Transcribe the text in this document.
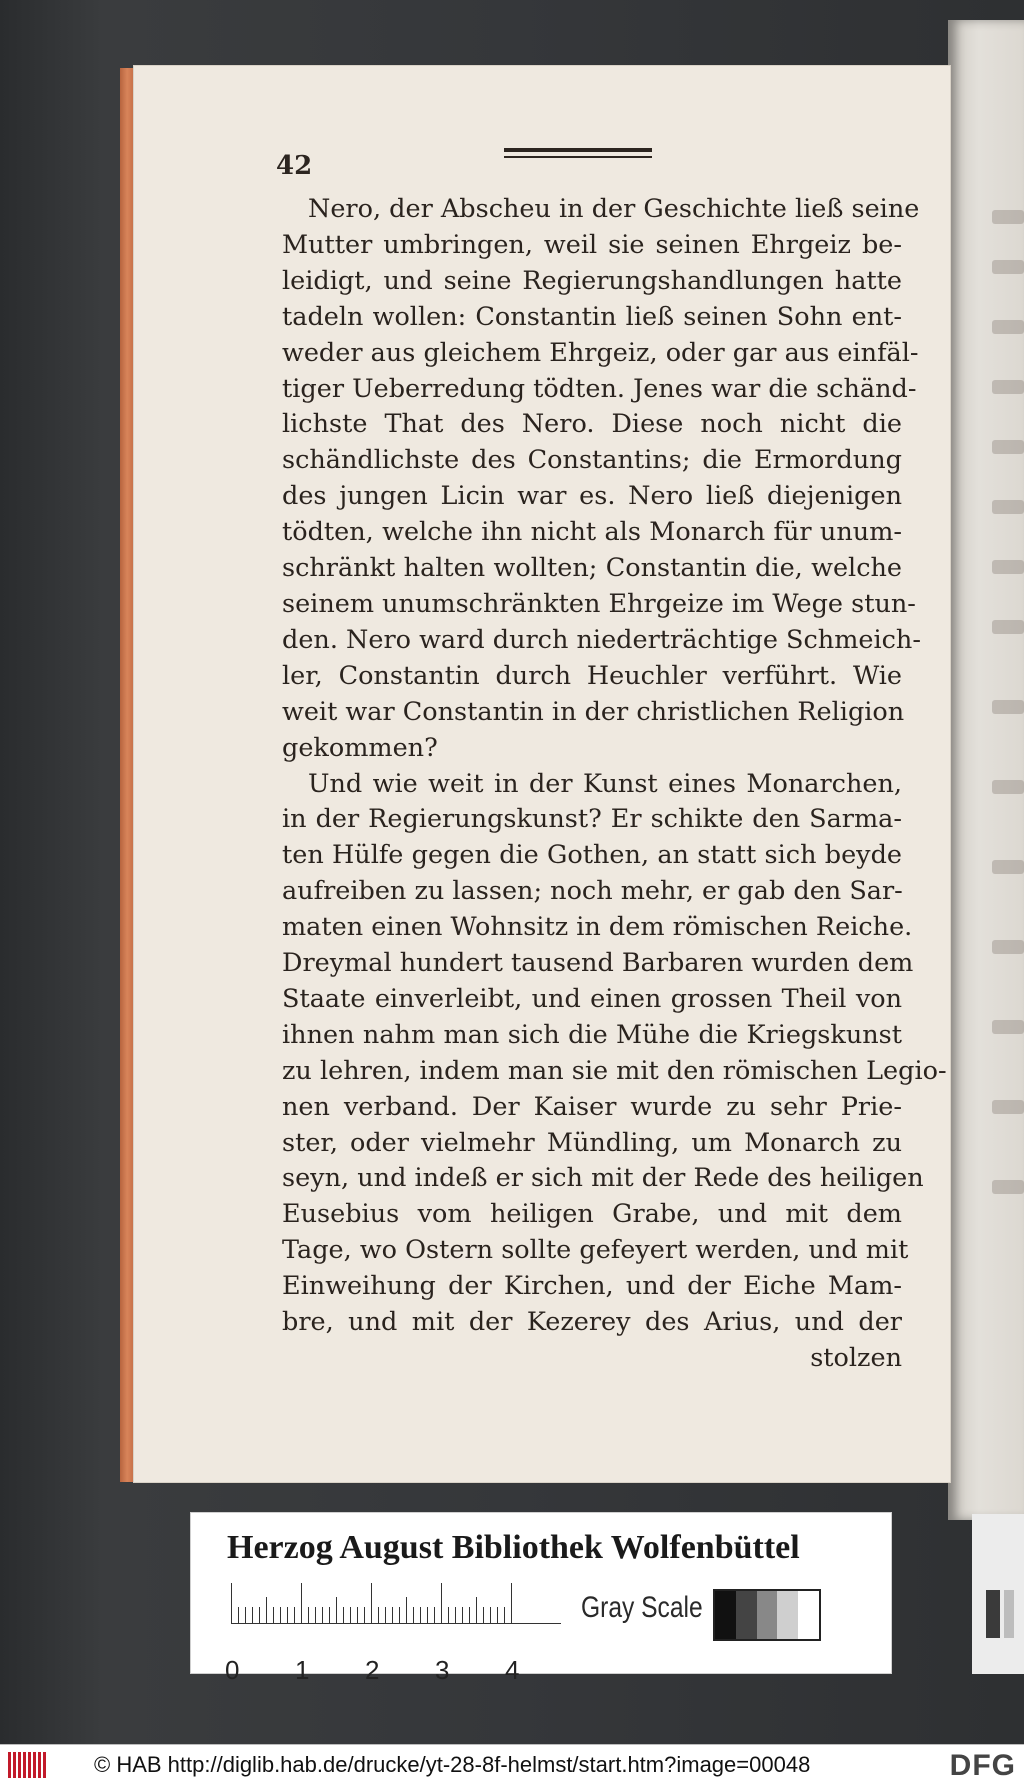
42
Nero, der Abscheu in der Geschichte ließ seine
Mutter umbringen, weil sie seinen Ehrgeiz be-
leidigt, und seine Regierungshandlungen hatte
tadeln wollen: Constantin ließ seinen Sohn ent-
weder aus gleichem Ehrgeiz, oder gar aus einfäl-
tiger Ueberredung tödten. Jenes war die schänd-
lichste That des Nero. Diese noch nicht die
schändlichste des Constantins; die Ermordung
des jungen Licin war es. Nero ließ diejenigen
tödten, welche ihn nicht als Monarch für unum-
schränkt halten wollten; Constantin die, welche
seinem unumschränkten Ehrgeize im Wege stun-
den. Nero ward durch niederträchtige Schmeich-
ler, Constantin durch Heuchler verführt. Wie
weit war Constantin in der christlichen Religion
gekommen?
Und wie weit in der Kunst eines Monarchen,
in der Regierungskunst? Er schikte den Sarma-
ten Hülfe gegen die Gothen, an statt sich beyde
aufreiben zu lassen; noch mehr, er gab den Sar-
maten einen Wohnsitz in dem römischen Reiche.
Dreymal hundert tausend Barbaren wurden dem
Staate einverleibt, und einen grossen Theil von
ihnen nahm man sich die Mühe die Kriegskunst
zu lehren, indem man sie mit den römischen Legio-
nen verband. Der Kaiser wurde zu sehr Prie-
ster, oder vielmehr Mündling, um Monarch zu
seyn, und indeß er sich mit der Rede des heiligen
Eusebius vom heiligen Grabe, und mit dem
Tage, wo Ostern sollte gefeyert werden, und mit
Einweihung der Kirchen, und der Eiche Mam-
bre, und mit der Kezerey des Arius, und der
stolzen
Herzog August Bibliothek Wolfenbüttel
0 1 2 3 4
Gray Scale
© HAB http://diglib.hab.de/drucke/yt-28-8f-helmst/start.htm?image=00048	DFG
